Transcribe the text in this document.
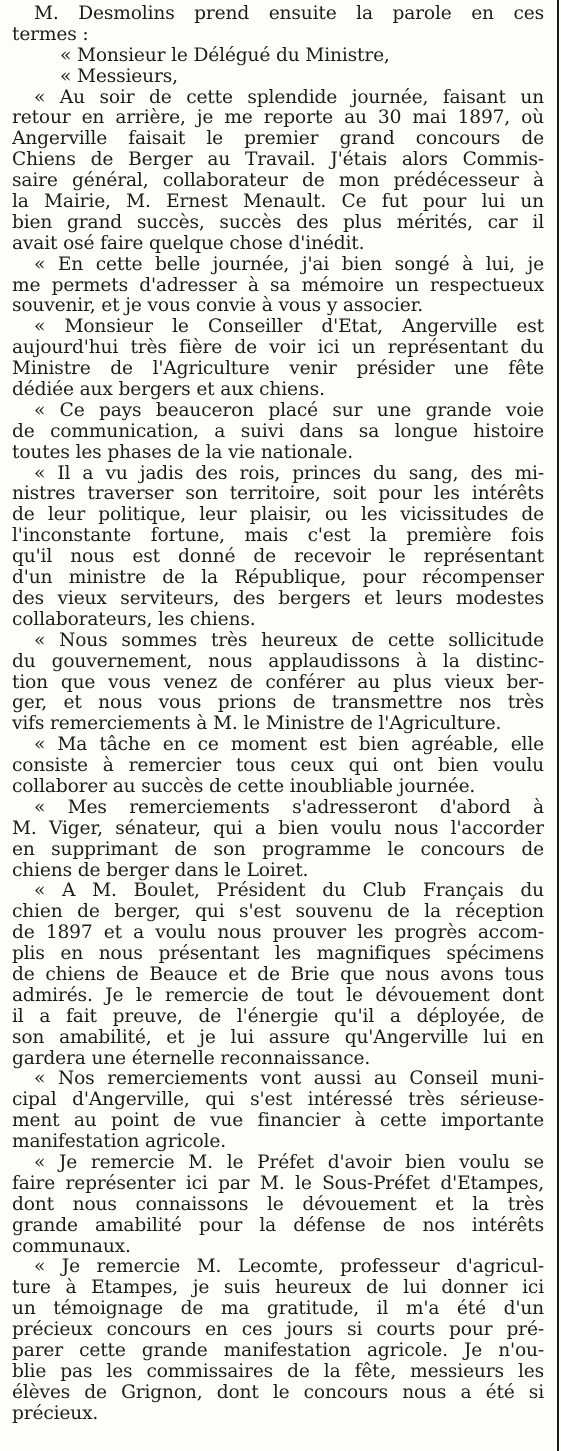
M. Desmolins prend ensuite la parole en ces
termes :
« Monsieur le Délégué du Ministre,
« Messieurs,
« Au soir de cette splendide journée, faisant un
retour en arrière, je me reporte au 30 mai 1897, où
Angerville faisait le premier grand concours de
Chiens de Berger au Travail. J'étais alors Commis-
saire général, collaborateur de mon prédécesseur à
la Mairie, M. Ernest Menault. Ce fut pour lui un
bien grand succès, succès des plus mérités, car il
avait osé faire quelque chose d'inédit.
« En cette belle journée, j'ai bien songé à lui, je
me permets d'adresser à sa mémoire un respectueux
souvenir, et je vous convie à vous y associer.
« Monsieur le Conseiller d'Etat, Angerville est
aujourd'hui très fière de voir ici un représentant du
Ministre de l'Agriculture venir présider une fête
dédiée aux bergers et aux chiens.
« Ce pays beauceron placé sur une grande voie
de communication, a suivi dans sa longue histoire
toutes les phases de la vie nationale.
« Il a vu jadis des rois, princes du sang, des mi-
nistres traverser son territoire, soit pour les intérêts
de leur politique, leur plaisir, ou les vicissitudes de
l'inconstante fortune, mais c'est la première fois
qu'il nous est donné de recevoir le représentant
d'un ministre de la République, pour récompenser
des vieux serviteurs, des bergers et leurs modestes
collaborateurs, les chiens.
« Nous sommes très heureux de cette sollicitude
du gouvernement, nous applaudissons à la distinc-
tion que vous venez de conférer au plus vieux ber-
ger, et nous vous prions de transmettre nos très
vifs remerciements à M. le Ministre de l'Agriculture.
« Ma tâche en ce moment est bien agréable, elle
consiste à remercier tous ceux qui ont bien voulu
collaborer au succès de cette inoubliable journée.
« Mes remerciements s'adresseront d'abord à
M. Viger, sénateur, qui a bien voulu nous l'accorder
en supprimant de son programme le concours de
chiens de berger dans le Loiret.
« A M. Boulet, Président du Club Français du
chien de berger, qui s'est souvenu de la réception
de 1897 et a voulu nous prouver les progrès accom-
plis en nous présentant les magnifiques spécimens
de chiens de Beauce et de Brie que nous avons tous
admirés. Je le remercie de tout le dévouement dont
il a fait preuve, de l'énergie qu'il a déployée, de
son amabilité, et je lui assure qu'Angerville lui en
gardera une éternelle reconnaissance.
« Nos remerciements vont aussi au Conseil muni-
cipal d'Angerville, qui s'est intéressé très sérieuse-
ment au point de vue financier à cette importante
manifestation agricole.
« Je remercie M. le Préfet d'avoir bien voulu se
faire représenter ici par M. le Sous-Préfet d'Etampes,
dont nous connaissons le dévouement et la très
grande amabilité pour la défense de nos intérêts
communaux.
« Je remercie M. Lecomte, professeur d'agricul-
ture à Etampes, je suis heureux de lui donner ici
un témoignage de ma gratitude, il m'a été d'un
précieux concours en ces jours si courts pour pré-
parer cette grande manifestation agricole. Je n'ou-
blie pas les commissaires de la fête, messieurs les
élèves de Grignon, dont le concours nous a été si
précieux.
